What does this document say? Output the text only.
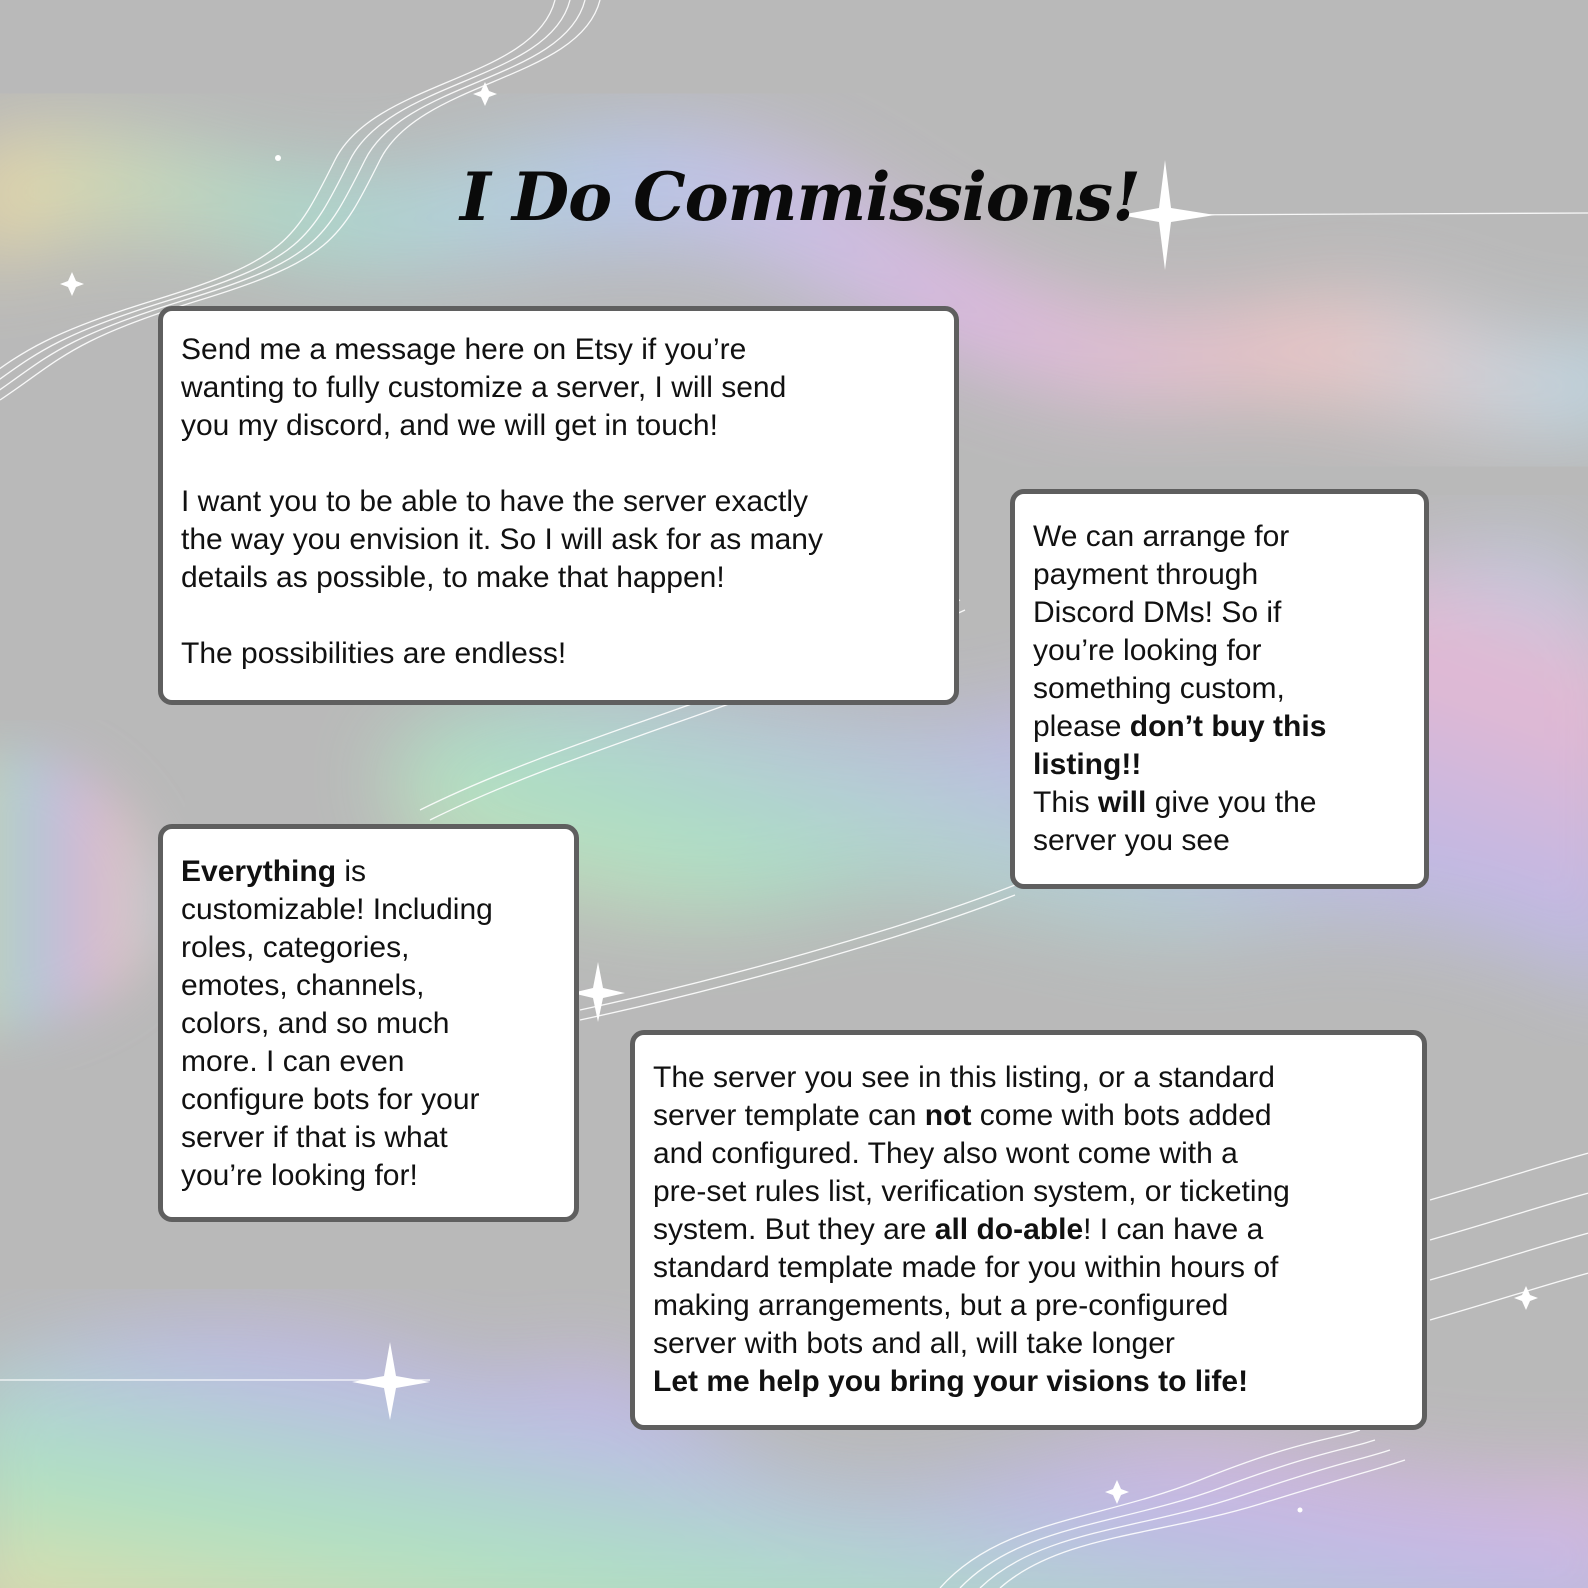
I Do Commissions!

Send me a message here on Etsy if you’re
wanting to fully customize a server, I will send
you my discord, and we will get in touch!

I want you to be able to have the server exactly
the way you envision it. So I will ask for as many
details as possible, to make that happen!

The possibilities are endless!

We can arrange for
payment through
Discord DMs! So if
you’re looking for
something custom,
please don’t buy this
listing!!
This will give you the
server you see

Everything is
customizable! Including
roles, categories,
emotes, channels,
colors, and so much
more. I can even
configure bots for your
server if that is what
you’re looking for!

The server you see in this listing, or a standard
server template can not come with bots added
and configured. They also wont come with a
pre-set rules list, verification system, or ticketing
system. But they are all do-able! I can have a
standard template made for you within hours of
making arrangements, but a pre-configured
server with bots and all, will take longer
Let me help you bring your visions to life!
